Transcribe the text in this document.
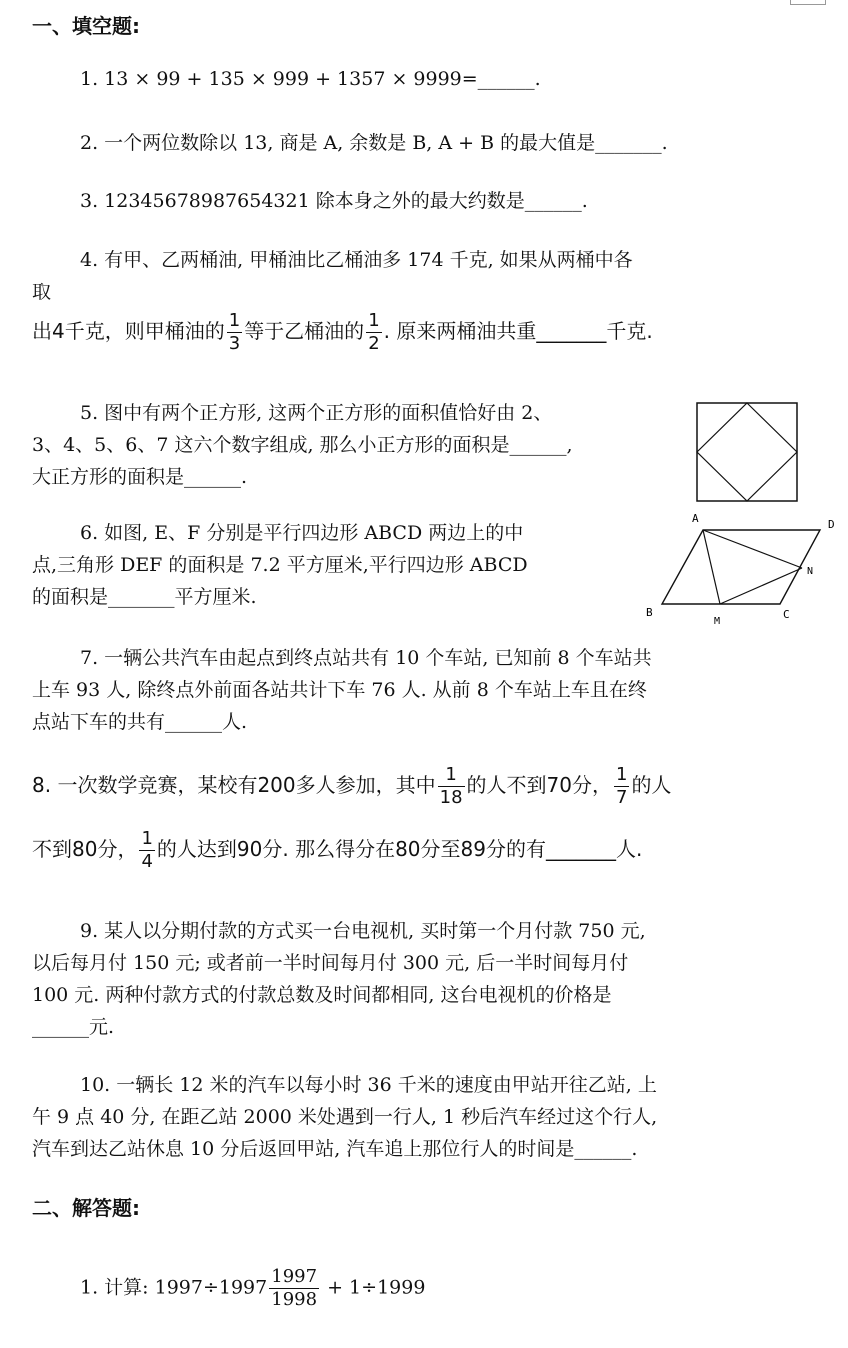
一、填空题:
1. 13 × 99 + 135 × 999 + 1357 × 9999=______.
2. 一个两位数除以 13, 商是 A, 余数是 B, A + B 的最大值是_______.
3. 12345678987654321 除本身之外的最大约数是______.
4. 有甲、乙两桶油, 甲桶油比乙桶油多 174 千克, 如果从两桶中各
取
出4千克，则甲桶油的 $\frac{1}{3}$ 等于乙桶油的 $\frac{1}{2}$ . 原来两桶油共重_______千克.
5. 图中有两个正方形, 这两个正方形的面积值恰好由 2、
3、4、5、6、7 这六个数字组成, 那么小正方形的面积是______,
大正方形的面积是______.
6. 如图, E、F 分别是平行四边形 ABCD 两边上的中
点,三角形 DEF 的面积是 7.2 平方厘米,平行四边形 ABCD
的面积是_______平方厘米.
A	D
B
M
C
N
7. 一辆公共汽车由起点到终点站共有 10 个车站, 已知前 8 个车站共
上车 93 人, 除终点外前面各站共计下车 76 人. 从前 8 个车站上车且在终
点站下车的共有______人.
8. 一次数学竞赛，某校有200多人参加，其中 $\frac{1}{18}$ 的人不到70分， $\frac{1}{7}$ 的人
不到80分， $\frac{1}{4}$ 的人达到90分. 那么得分在80分至89分的有_______人.
9. 某人以分期付款的方式买一台电视机, 买时第一个月付款 750 元,
以后每月付 150 元; 或者前一半时间每月付 300 元, 后一半时间每月付
100 元. 两种付款方式的付款总数及时间都相同, 这台电视机的价格是
______元.
10. 一辆长 12 米的汽车以每小时 36 千米的速度由甲站开往乙站, 上
午 9 点 40 分, 在距乙站 2000 米处遇到一行人, 1 秒后汽车经过这个行人,
汽车到达乙站休息 10 分后返回甲站, 汽车追上那位行人的时间是______.
二、解答题:
1. 计算: $1997\div 1997 \frac{1997}{1998} + 1\div 1999$
